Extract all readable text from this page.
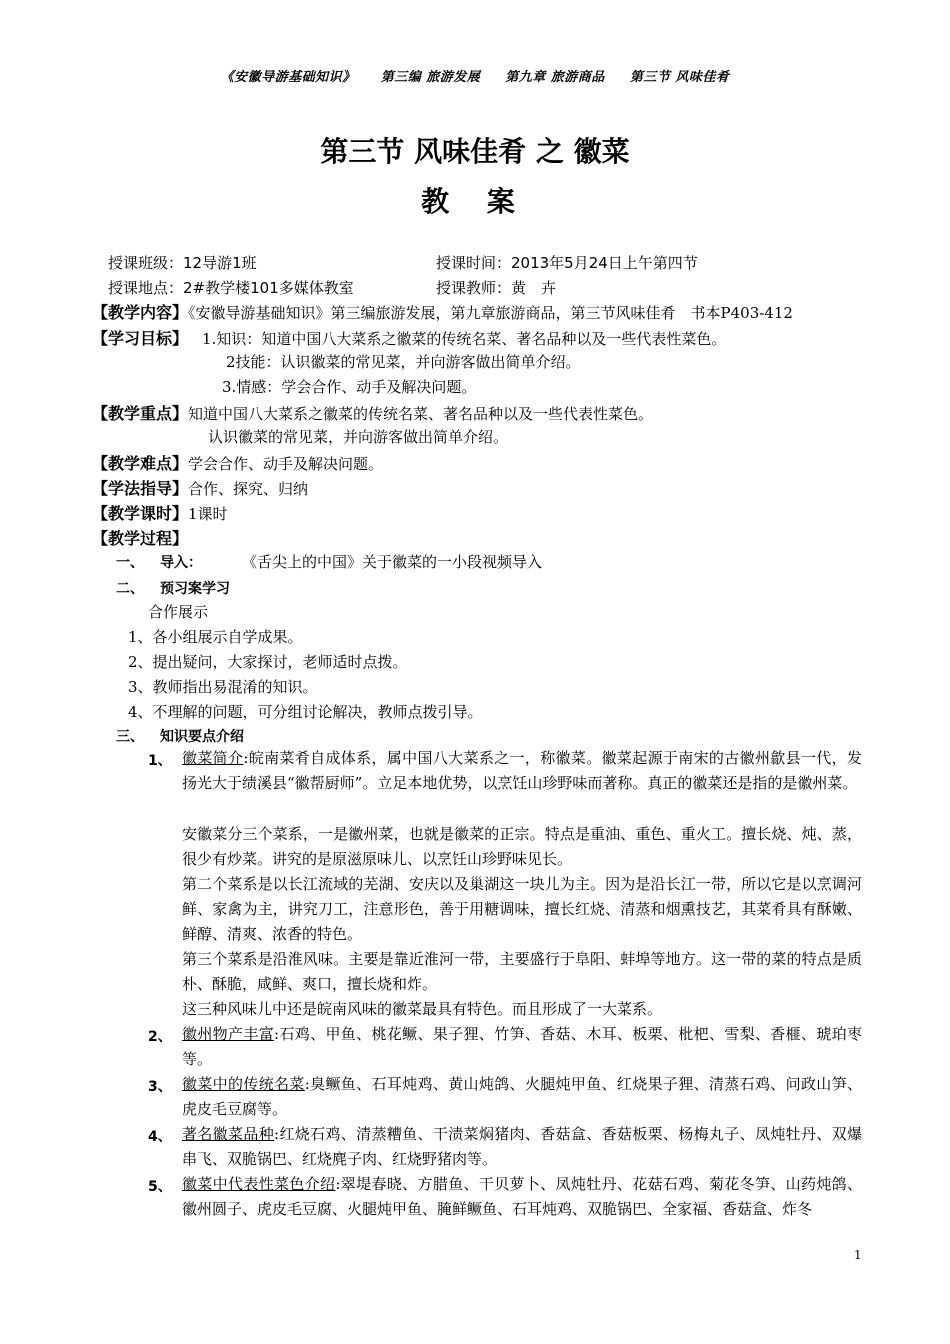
《安徽导游基础知识》 第三编 旅游发展 第九章 旅游商品 第三节 风味佳肴
第三节 风味佳肴 之 徽菜
教 案
授课班级：12导游1班	授课时间：2013年5月24日上午第四节
授课地点：2#教学楼101多媒体教室	授课教师：黄　卉
【教学内容】《安徽导游基础知识》第三编旅游发展，第九章旅游商品，第三节风味佳肴　书本P403-412
【学习目标】 1.知识：知道中国八大菜系之徽菜的传统名菜、著名品种以及一些代表性菜色。
2技能：认识徽菜的常见菜，并向游客做出简单介绍。
3.情感：学会合作、动手及解决问题。
【教学重点】知道中国八大菜系之徽菜的传统名菜、著名品种以及一些代表性菜色。
认识徽菜的常见菜，并向游客做出简单介绍。
【教学难点】学会合作、动手及解决问题。
【学法指导】合作、探究、归纳
【教学课时】1课时
【教学过程】
一、 导入：	《舌尖上的中国》关于徽菜的一小段视频导入
二、 预习案学习
合作展示
1、各小组展示自学成果。
2、提出疑问，大家探讨，老师适时点拨。
3、教师指出易混淆的知识。
4、不理解的问题，可分组讨论解决，教师点拨引导。
三、 知识要点介绍
1、 徽菜简介:皖南菜肴自成体系，属中国八大菜系之一，称徽菜。徽菜起源于南宋的古徽州歙县一代，发扬光大于绩溪县“徽帮厨师”。立足本地优势，以烹饪山珍野味而著称。真正的徽菜还是指的是徽州菜。
安徽菜分三个菜系，一是徽州菜，也就是徽菜的正宗。特点是重油、重色、重火工。擅长烧、炖、蒸，很少有炒菜。讲究的是原滋原味儿、以烹饪山珍野味见长。
第二个菜系是以长江流域的芜湖、安庆以及巢湖这一块儿为主。因为是沿长江一带，所以它是以烹调河鲜、家禽为主，讲究刀工，注意形色，善于用糖调味，擅长红烧、清蒸和烟熏技艺，其菜肴具有酥嫩、鲜醇、清爽、浓香的特色。
第三个菜系是沿淮风味。主要是靠近淮河一带，主要盛行于阜阳、蚌埠等地方。这一带的菜的特点是质朴、酥脆，咸鲜、爽口，擅长烧和炸。
这三种风味儿中还是皖南风味的徽菜最具有特色。而且形成了一大菜系。
2、 徽州物产丰富:石鸡、甲鱼、桃花鳜、果子狸、竹笋、香菇、木耳、板栗、枇杷、雪梨、香榧、琥珀枣等。
3、 徽菜中的传统名菜:臭鳜鱼、石耳炖鸡、黄山炖鸽、火腿炖甲鱼、红烧果子狸、清蒸石鸡、问政山笋、虎皮毛豆腐等。
4、 著名徽菜品种:红烧石鸡、清蒸糟鱼、干渍菜焖猪肉、香菇盒、香菇板栗、杨梅丸子、凤炖牡丹、双爆串飞、双脆锅巴、红烧麂子肉、红烧野猪肉等。
5、 徽菜中代表性菜色介绍:翠堤春晓、方腊鱼、干贝萝卜、凤炖牡丹、花菇石鸡、菊花冬笋、山药炖鸽、徽州圆子、虎皮毛豆腐、火腿炖甲鱼、腌鲜鳜鱼、石耳炖鸡、双脆锅巴、全家福、香菇盒、炸冬
1
